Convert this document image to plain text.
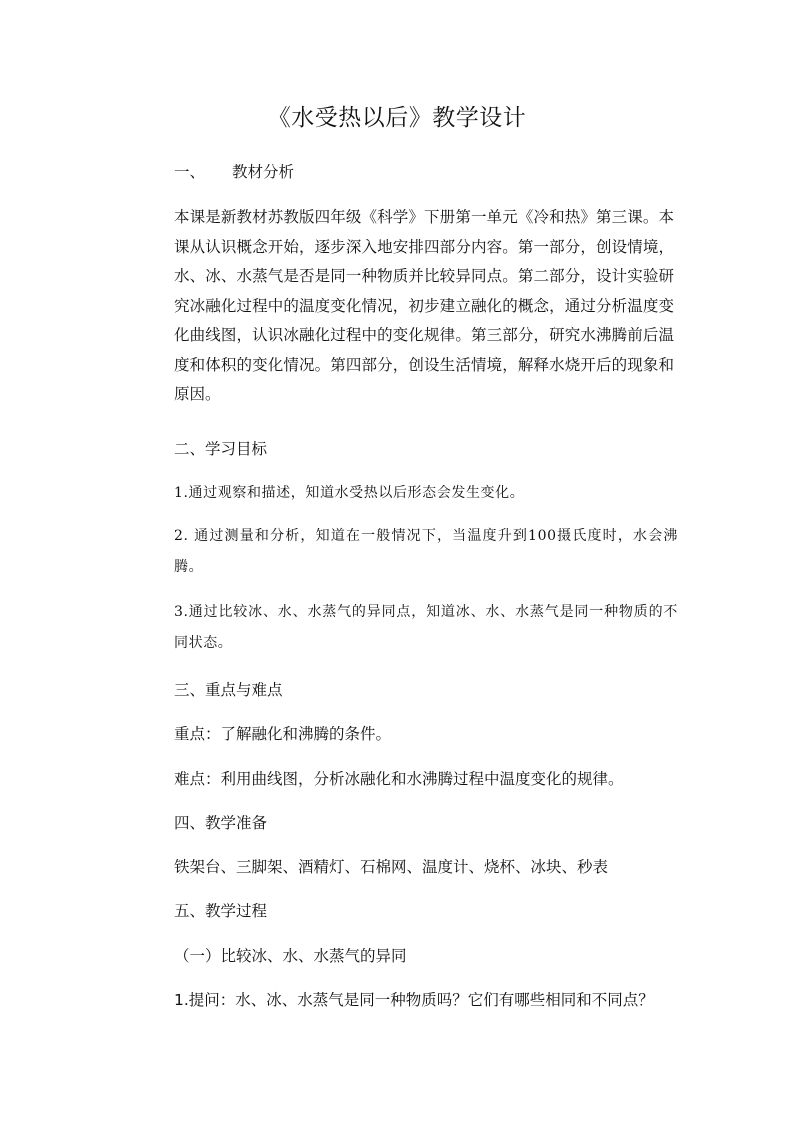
《水受热以后》教学设计
一、 教材分析
本课是新教材苏教版四年级《科学》下册第一单元《冷和热》第三课。本课从认识概念开始，逐步深入地安排四部分内容。第一部分，创设情境，水、冰、水蒸气是否是同一种物质并比较异同点。第二部分，设计实验研究冰融化过程中的温度变化情况，初步建立融化的概念，通过分析温度变化曲线图，认识冰融化过程中的变化规律。第三部分，研究水沸腾前后温度和体积的变化情况。第四部分，创设生活情境，解释水烧开后的现象和原因。
二、学习目标
1.通过观察和描述，知道水受热以后形态会发生变化。
2. 通过测量和分析，知道在一般情况下，当温度升到100摄氏度时，水会沸腾。
3.通过比较冰、水、水蒸气的异同点，知道冰、水、水蒸气是同一种物质的不同状态。
三、重点与难点
重点：了解融化和沸腾的条件。
难点：利用曲线图，分析冰融化和水沸腾过程中温度变化的规律。
四、教学准备
铁架台、三脚架、酒精灯、石棉网、温度计、烧杯、冰块、秒表
五、教学过程
（一）比较冰、水、水蒸气的异同
1.提问：水、冰、水蒸气是同一种物质吗？它们有哪些相同和不同点？
